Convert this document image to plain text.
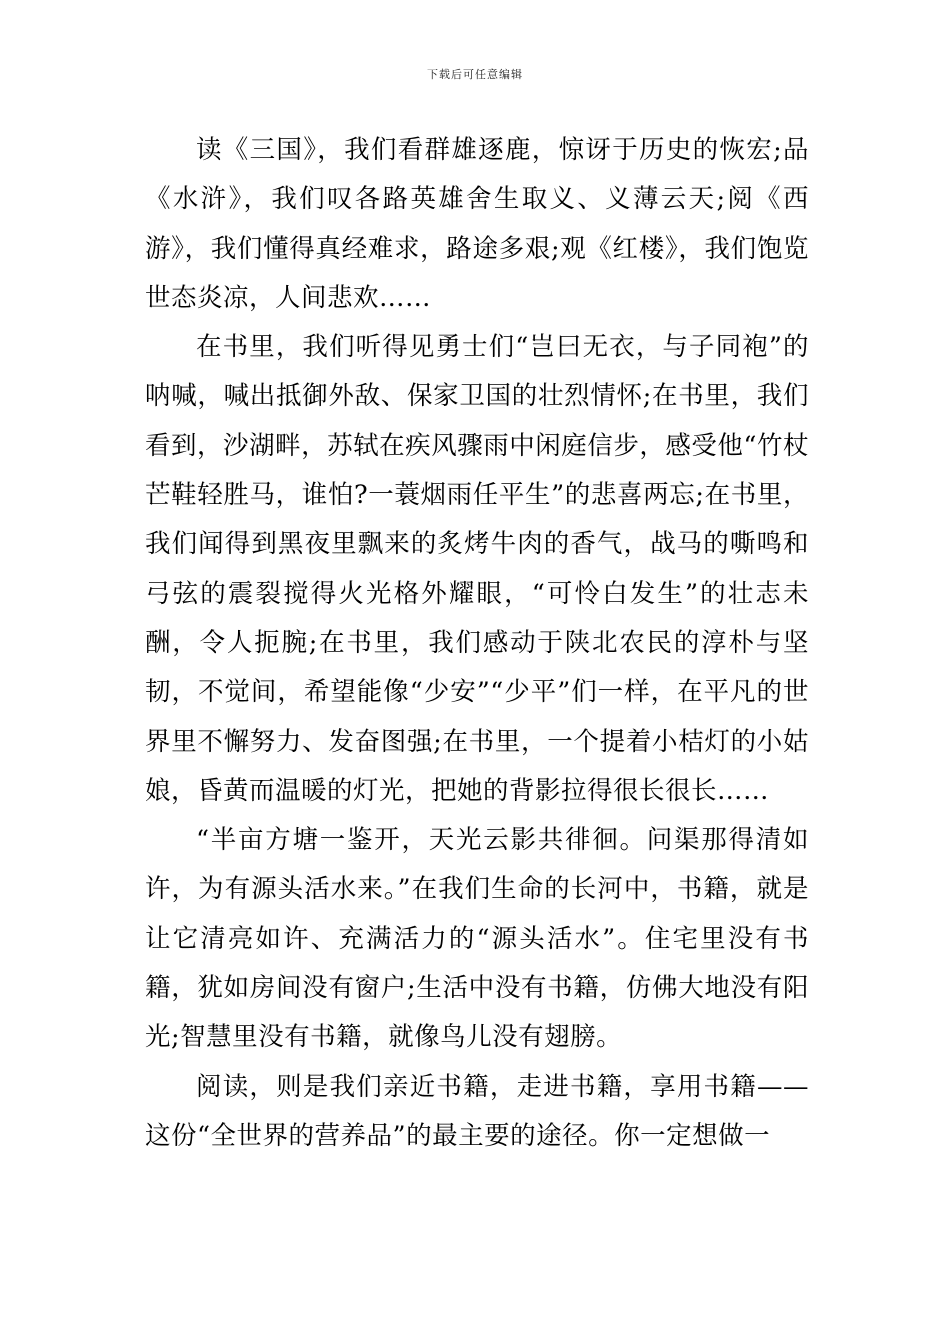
下载后可任意编辑

读《三国》，我们看群雄逐鹿，惊讶于历史的恢宏;品《水浒》，我们叹各路英雄舍生取义、义薄云天;阅《西游》，我们懂得真经难求，路途多艰;观《红楼》，我们饱览世态炎凉，人间悲欢……

在书里，我们听得见勇士们“岂曰无衣，与子同袍”的呐喊，喊出抵御外敌、保家卫国的壮烈情怀;在书里，我们看到，沙湖畔，苏轼在疾风骤雨中闲庭信步，感受他“竹杖芒鞋轻胜马，谁怕?一蓑烟雨任平生”的悲喜两忘;在书里，我们闻得到黑夜里飘来的炙烤牛肉的香气，战马的嘶鸣和弓弦的震裂搅得火光格外耀眼，“可怜白发生”的壮志未酬，令人扼腕;在书里，我们感动于陕北农民的淳朴与坚韧，不觉间，希望能像“少安”“少平”们一样，在平凡的世界里不懈努力、发奋图强;在书里，一个提着小桔灯的小姑娘，昏黄而温暖的灯光，把她的背影拉得很长很长……

“半亩方塘一鉴开，天光云影共徘徊。问渠那得清如许，为有源头活水来。”在我们生命的长河中，书籍，就是让它清亮如许、充满活力的“源头活水”。住宅里没有书籍，犹如房间没有窗户;生活中没有书籍，仿佛大地没有阳光;智慧里没有书籍，就像鸟儿没有翅膀。

阅读，则是我们亲近书籍，走进书籍，享用书籍——这份“全世界的营养品”的最主要的途径。你一定想做一
